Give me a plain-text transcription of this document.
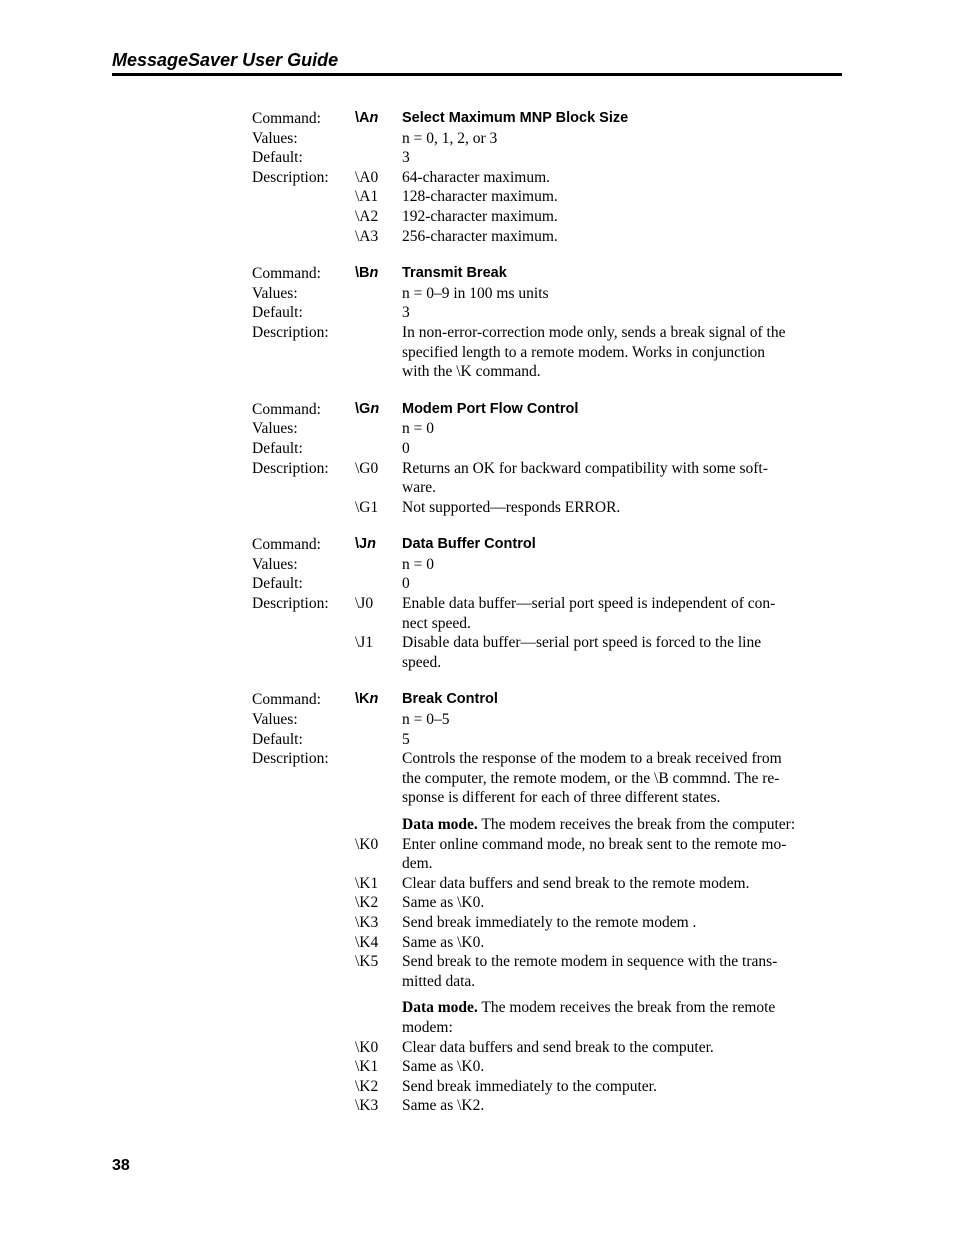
MessageSaver User Guide
Command:	\An	Select Maximum MNP Block Size
Values:	n = 0, 1, 2, or 3
Default:	3
Description:	\A0	64-character maximum.
\A1	128-character maximum.
\A2	192-character maximum.
\A3	256-character maximum.
Command:	\Bn	Transmit Break
Values:	n = 0–9 in 100 ms units
Default:	3
Description:	In non-error-correction mode only, sends a break signal of the
specified length to a remote modem. Works in conjunction
with the \K command.
Command:	\Gn	Modem Port Flow Control
Values:	n = 0
Default:	0
Description:	\G0	Returns an OK for backward compatibility with some soft-
ware.
\G1	Not supported—responds ERROR.
Command:	\Jn	Data Buffer Control
Values:	n = 0
Default:	0
Description:	\J0	Enable data buffer—serial port speed is independent of con-
nect speed.
\J1	Disable data buffer—serial port speed is forced to the line
speed.
Command:	\Kn	Break Control
Values:	n = 0–5
Default:	5
Description:	Controls the response of the modem to a break received from
the computer, the remote modem, or the \B commnd. The re-
sponse is different for each of three different states.
Data mode. The modem receives the break from the computer:
\K0	Enter online command mode, no break sent to the remote mo-
dem.
\K1	Clear data buffers and send break to the remote modem.
\K2	Same as \K0.
\K3	Send break immediately to the remote modem .
\K4	Same as \K0.
\K5	Send break to the remote modem in sequence with the trans-
mitted data.
Data mode. The modem receives the break from the remote
modem:
\K0	Clear data buffers and send break to the computer.
\K1	Same as \K0.
\K2	Send break immediately to the computer.
\K3	Same as \K2.
38
